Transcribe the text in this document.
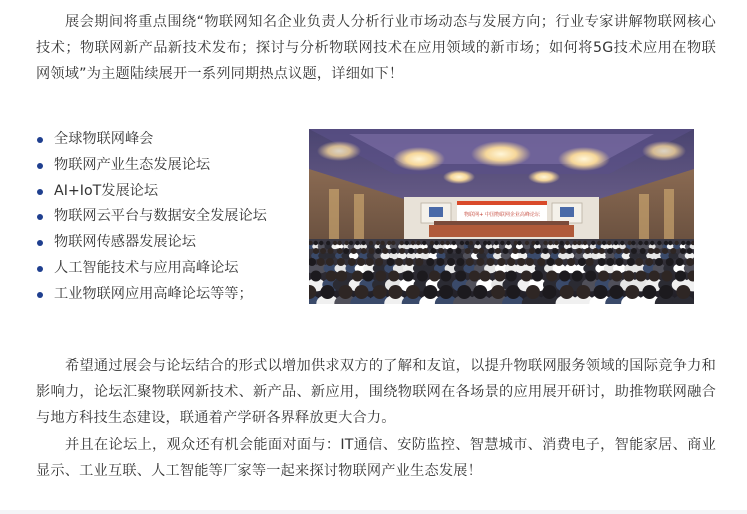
展会期间将重点围绕“物联网知名企业负责人分析行业市场动态与发展方向；行业专家讲解物联网核心技术；物联网新产品新技术发布；探讨与分析物联网技术在应用领域的新市场；如何将5G技术应用在物联网领域”为主题陆续展开一系列同期热点议题，详细如下！

全球物联网峰会
物联网产业生态发展论坛
AI+IoT发展论坛
物联网云平台与数据安全发展论坛
物联网传感器发展论坛
人工智能技术与应用高峰论坛
工业物联网应用高峰论坛等等；
物联网+ 中国物联网企业高峰论坛

希望通过展会与论坛结合的形式以增加供求双方的了解和友谊，以提升物联网服务领域的国际竞争力和影响力，论坛汇聚物联网新技术、新产品、新应用，围绕物联网在各场景的应用展开研讨，助推物联网融合与地方科技生态建设，联通着产学研各界释放更大合力。

并且在论坛上，观众还有机会能面对面与：IT通信、安防监控、智慧城市、消费电子，智能家居、商业显示、工业互联、人工智能等厂家等一起来探讨物联网产业生态发展！
